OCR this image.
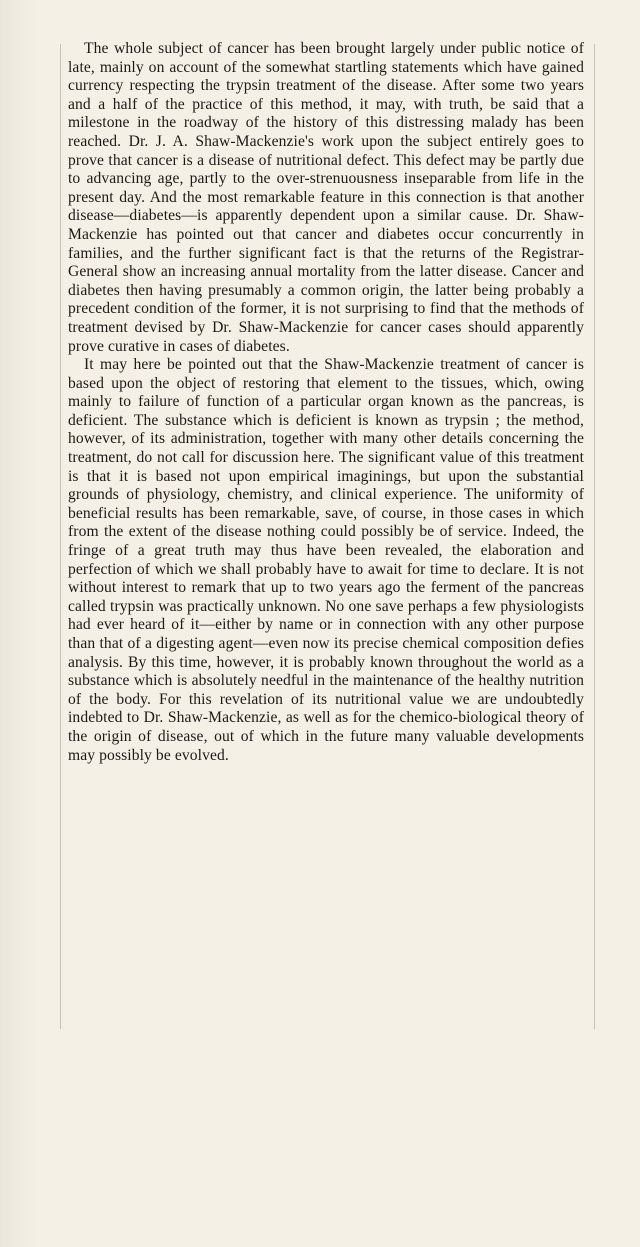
The whole subject of cancer has been brought largely under public notice of late, mainly on account of the somewhat startling statements which have gained currency respecting the trypsin treatment of the disease. After some two years and a half of the practice of this method, it may, with truth, be said that a milestone in the roadway of the history of this distressing malady has been reached. Dr. J. A. Shaw-Mackenzie's work upon the subject entirely goes to prove that cancer is a disease of nutritional defect. This defect may be partly due to advancing age, partly to the over-strenuousness inseparable from life in the present day. And the most remarkable feature in this connection is that another disease—diabetes—is apparently dependent upon a similar cause. Dr. Shaw-Mackenzie has pointed out that cancer and diabetes occur concurrently in families, and the further significant fact is that the returns of the Registrar-General show an increasing annual mortality from the latter disease. Cancer and diabetes then having presumably a common origin, the latter being probably a precedent condition of the former, it is not surprising to find that the methods of treatment devised by Dr. Shaw-Mackenzie for cancer cases should apparently prove curative in cases of diabetes.

It may here be pointed out that the Shaw-Mackenzie treatment of cancer is based upon the object of restoring that element to the tissues, which, owing mainly to failure of function of a particular organ known as the pancreas, is deficient. The substance which is deficient is known as trypsin ; the method, however, of its administration, together with many other details concerning the treatment, do not call for discussion here. The significant value of this treatment is that it is based not upon empirical imaginings, but upon the substantial grounds of physiology, chemistry, and clinical experience. The uniformity of beneficial results has been remarkable, save, of course, in those cases in which from the extent of the disease nothing could possibly be of service. Indeed, the fringe of a great truth may thus have been revealed, the elaboration and perfection of which we shall probably have to await for time to declare. It is not without interest to remark that up to two years ago the ferment of the pancreas called trypsin was practically unknown. No one save perhaps a few physiologists had ever heard of it—either by name or in connection with any other purpose than that of a digesting agent—even now its precise chemical composition defies analysis. By this time, however, it is probably known throughout the world as a substance which is absolutely needful in the maintenance of the healthy nutrition of the body. For this revelation of its nutritional value we are undoubtedly indebted to Dr. Shaw-Mackenzie, as well as for the chemico-biological theory of the origin of disease, out of which in the future many valuable developments may possibly be evolved.
